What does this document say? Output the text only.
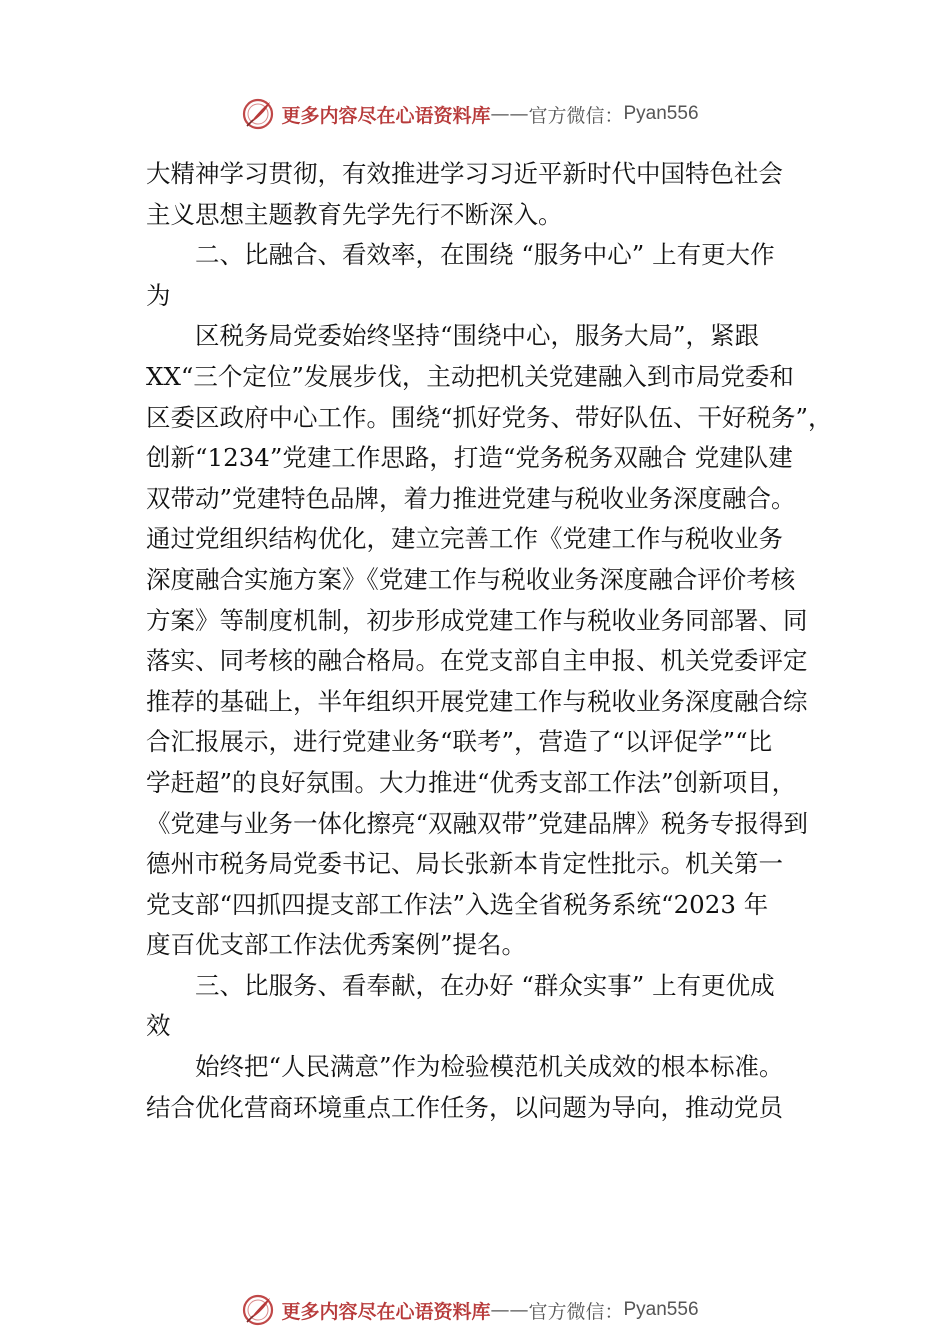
更多内容尽在心语资料库 —— 官方微信： Pyan556
大精神学习贯彻，有效推进学习习近平新时代中国特色社会
主义思想主题教育先学先行不断深入。
二、比融合、看效率，在围绕 “服务中心” 上有更大作
为
区税务局党委始终坚持“围绕中心，服务大局”，紧跟
XX“三个定位”发展步伐，主动把机关党建融入到市局党委和
区委区政府中心工作。围绕“抓好党务、带好队伍、干好税务”，
创新“1234”党建工作思路，打造“党务税务双融合 党建队建
双带动”党建特色品牌，着力推进党建与税收业务深度融合。
通过党组织结构优化，建立完善工作《党建工作与税收业务
深度融合实施方案》《党建工作与税收业务深度融合评价考核
方案》等制度机制，初步形成党建工作与税收业务同部署、同
落实、同考核的融合格局。在党支部自主申报、机关党委评定
推荐的基础上，半年组织开展党建工作与税收业务深度融合综
合汇报展示，进行党建业务“联考”，营造了“以评促学”“比
学赶超”的良好氛围。大力推进“优秀支部工作法”创新项目，
《党建与业务一体化擦亮“双融双带”党建品牌》税务专报得到
德州市税务局党委书记、局长张新本肯定性批示。机关第一
党支部“四抓四提支部工作法”入选全省税务系统“2023 年
度百优支部工作法优秀案例”提名。
三、比服务、看奉献，在办好 “群众实事” 上有更优成
效
始终把“人民满意”作为检验模范机关成效的根本标准。
结合优化营商环境重点工作任务，以问题为导向，推动党员
更多内容尽在心语资料库 —— 官方微信： Pyan556
